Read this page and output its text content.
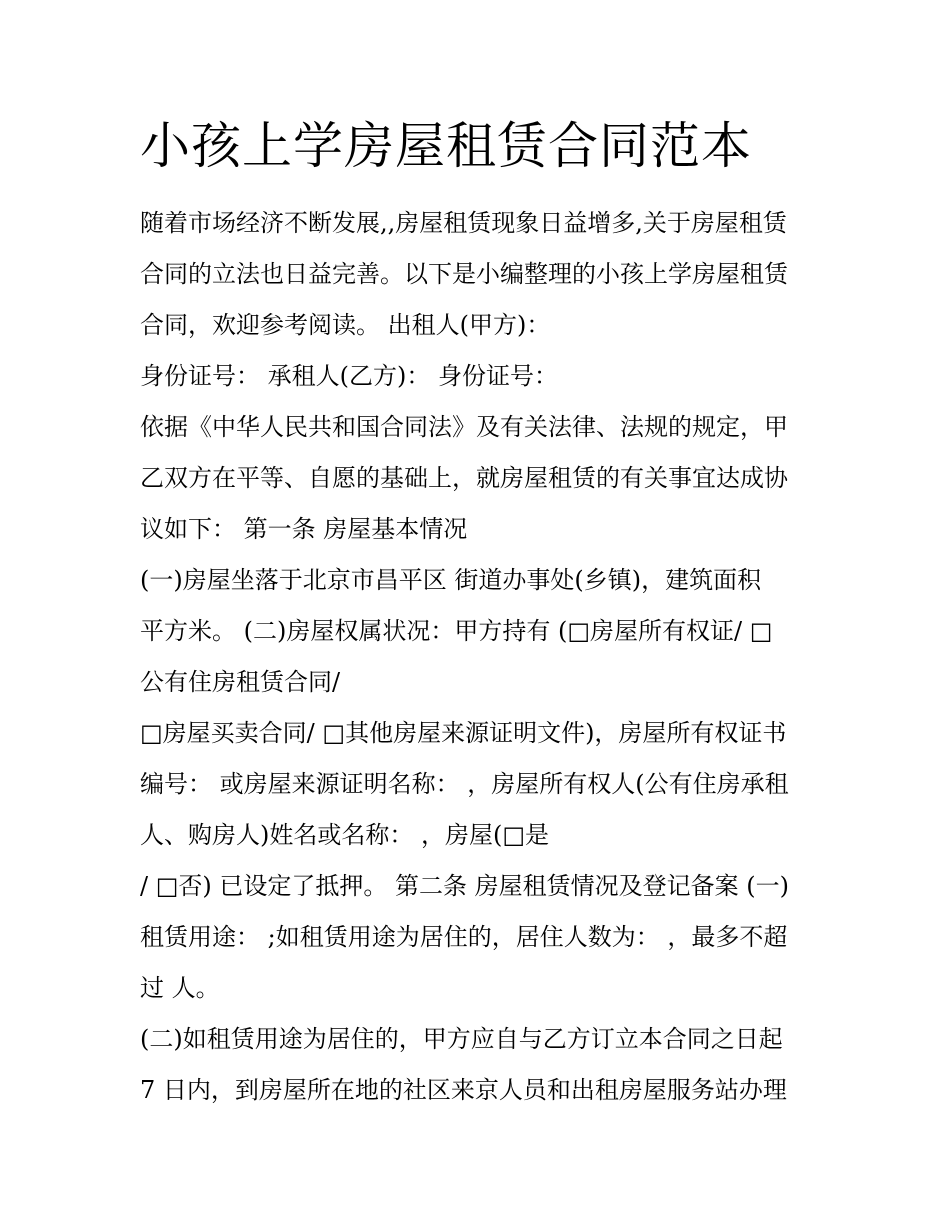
小孩上学房屋租赁合同范本
随着市场经济不断发展,,房屋租赁现象日益增多,关于房屋租赁
合同的立法也日益完善。以下是小编整理的小孩上学房屋租赁
合同，欢迎参考阅读。 出租人(甲方)：
身份证号： 承租人(乙方)： 身份证号：
依据《中华人民共和国合同法》及有关法律、法规的规定，甲
乙双方在平等、自愿的基础上，就房屋租赁的有关事宜达成协
议如下： 第一条 房屋基本情况
(一)房屋坐落于北京市昌平区 街道办事处(乡镇)，建筑面积
平方米。 (二)房屋权属状况：甲方持有 (□房屋所有权证/ □
公有住房租赁合同/
□房屋买卖合同/ □其他房屋来源证明文件)，房屋所有权证书
编号： 或房屋来源证明名称： ，房屋所有权人(公有住房承租
人、购房人)姓名或名称： ，房屋(□是
/ □否) 已设定了抵押。 第二条 房屋租赁情况及登记备案 (一)
租赁用途： ;如租赁用途为居住的，居住人数为： ，最多不超
过 人。
(二)如租赁用途为居住的，甲方应自与乙方订立本合同之日起
7 日内，到房屋所在地的社区来京人员和出租房屋服务站办理
